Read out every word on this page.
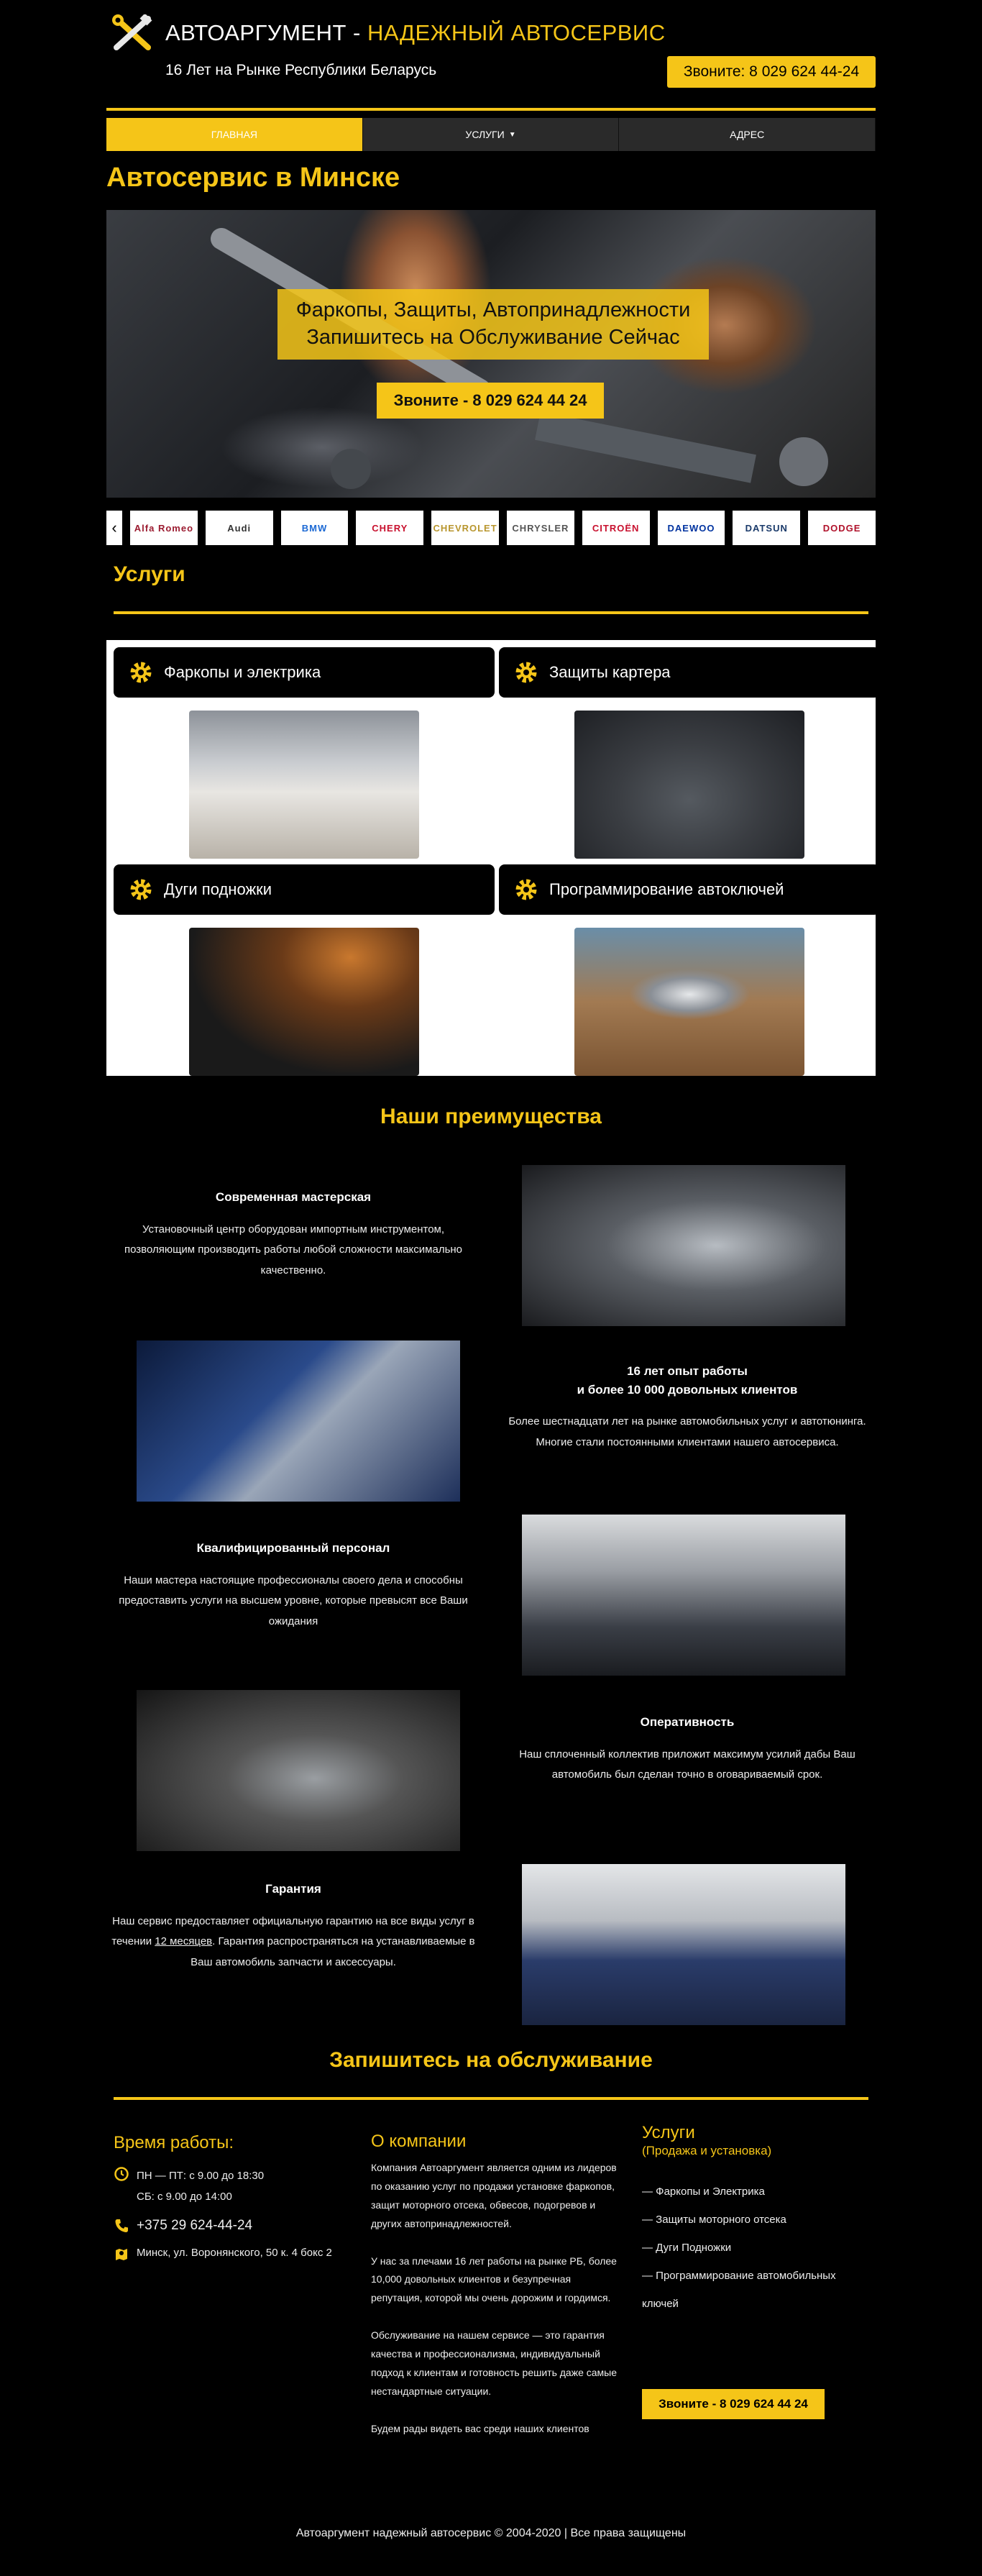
АВТОАРГУМЕНТ - НАДЕЖНЫЙ АВТОСЕРВИС
16 Лет на Рынке Республики Беларусь	Звоните: 8 029 624 44-24
ГЛАВНАЯ	УСЛУГИ ▼	АДРЕС
Автосервис в Минске
Фаркопы, Защиты, Автопринадлежности
Запишитесь на Обслуживание Сейчас
Звоните - 8 029 624 44 24
‹	Alfa Romeo	Audi	BMW	CHERY	CHEVROLET	CHRYSLER	CITROËN	DAEWOO	DATSUN	DODGE
Услуги
Фаркопы и электрика	Защиты картера
Дуги подножки	Программирование автоключей
Наши преимущества
Современная мастерская

Установочный центр оборудован импортным инструментом, позволяющим производить работы любой сложности максимально качественно.

16 лет опыт работы
и более 10 000 довольных клиентов

Более шестнадцати лет на рынке автомобильных услуг и автотюнинга. Многие стали постоянными клиентами нашего автосервиса.

Квалифицированный персонал

Наши мастера настоящие профессионалы своего дела и способны предоставить услуги на высшем уровне, которые превысят все Ваши ожидания

Оперативность

Наш сплоченный коллектив приложит максимум усилий дабы Ваш автомобиль был сделан точно в оговариваемый срок.

Гарантия

Наш сервис предоставляет официальную гарантию на все виды услуг в течении 12 месяцев. Гарантия распространяться на устанавливаемые в Ваш автомобиль запчасти и аксессуары.

Запишитесь на обслуживание
Время работы:
ПН — ПТ: с 9.00 до 18:30
СБ: с 9.00 до 14:00
+375 29 624-44-24
Минск, ул. Воронянского, 50 к. 4 бокс 2
О компании

Компания Автоаргумент является одним из лидеров по оказанию услуг по продажи установке фаркопов, защит моторного отсека, обвесов, подогревов и других автопринадлежностей.

У нас за плечами 16 лет работы на рынке РБ, более 10,000 довольных клиентов и безупречная репутация, которой мы очень дорожим и гордимся.

Обслуживание на нашем сервисе — это гарантия качества и профессионализма, индивидуальный подход к клиентам и готовность решить даже самые нестандартные ситуации.

Будем рады видеть вас среди наших клиентов

Услуги
(Продажа и установка)
— Фаркопы и Электрика
— Защиты моторного отсека
— Дуги Подножки
— Программирование автомобильных ключей
Звоните - 8 029 624 44 24
Автоаргумент надежный автосервис © 2004-2020 | Все права защищены
